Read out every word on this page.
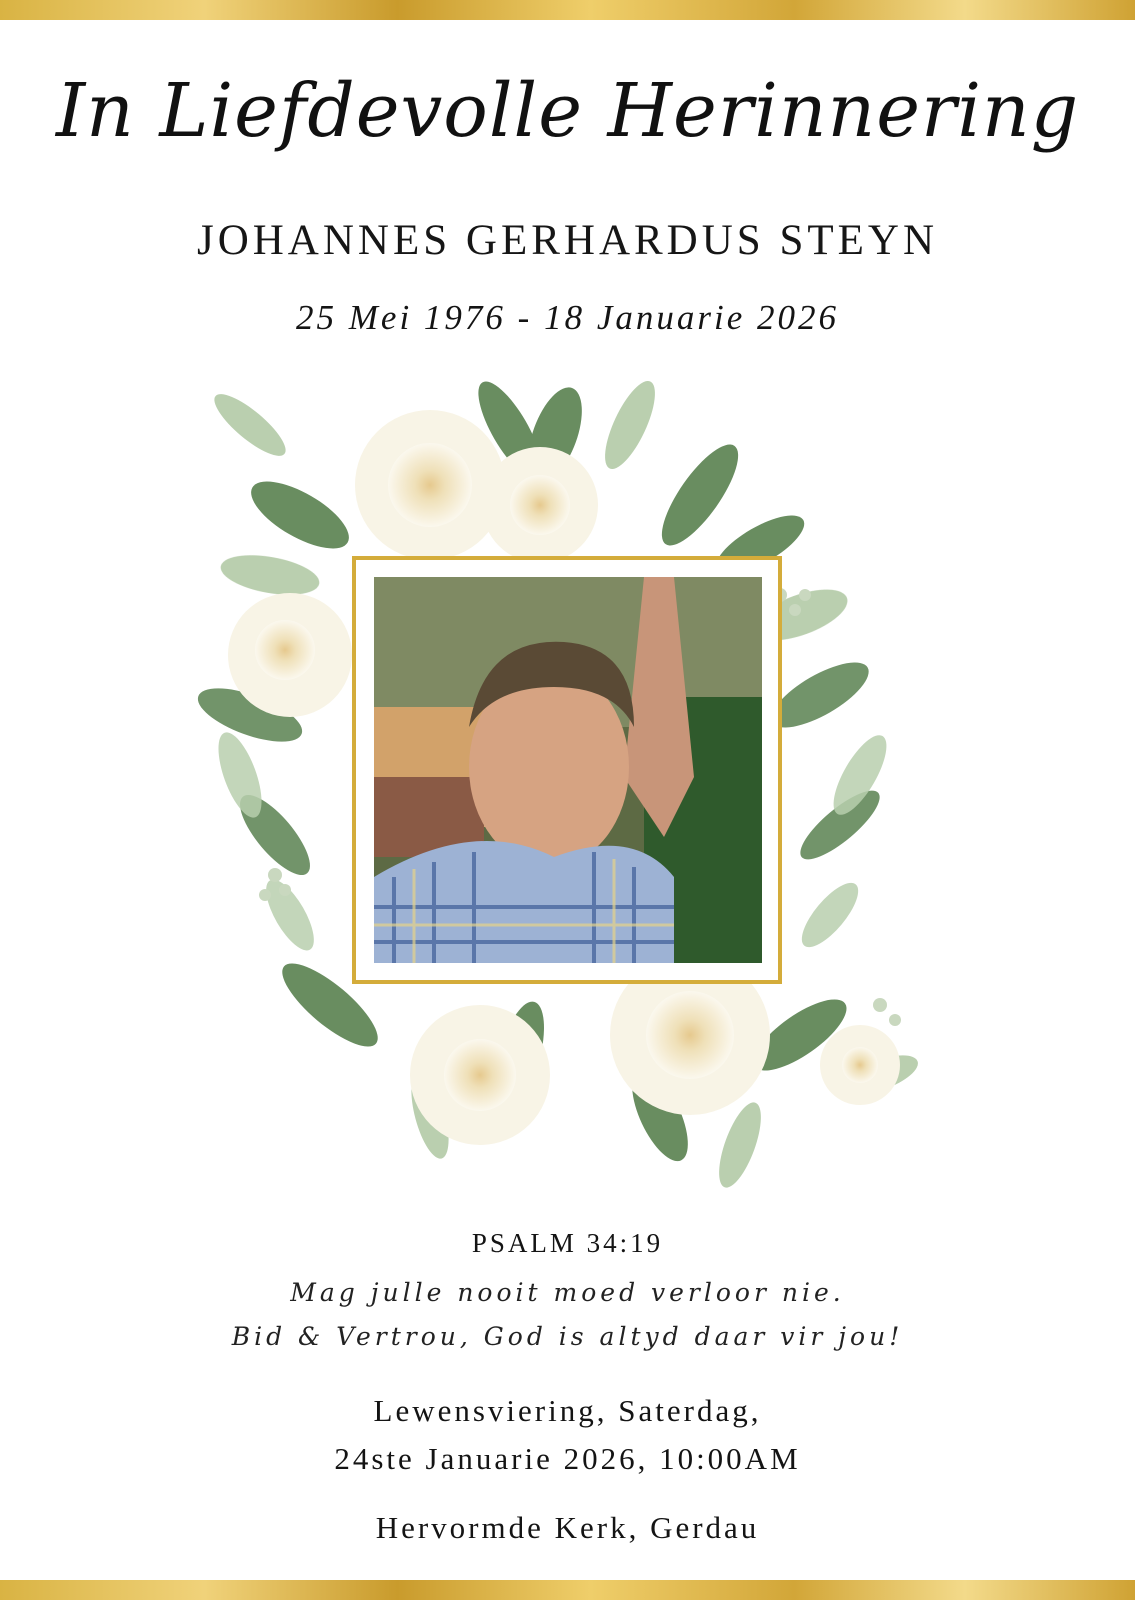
In Liefdevolle Herinnering
JOHANNES GERHARDUS STEYN
25 Mei 1976 - 18 Januarie 2026
PSALM 34:19
Mag julle nooit moed verloor nie.
Bid & Vertrou, God is altyd daar vir jou!
Lewensviering, Saterdag,
24ste Januarie 2026, 10:00AM
Hervormde Kerk, Gerdau
